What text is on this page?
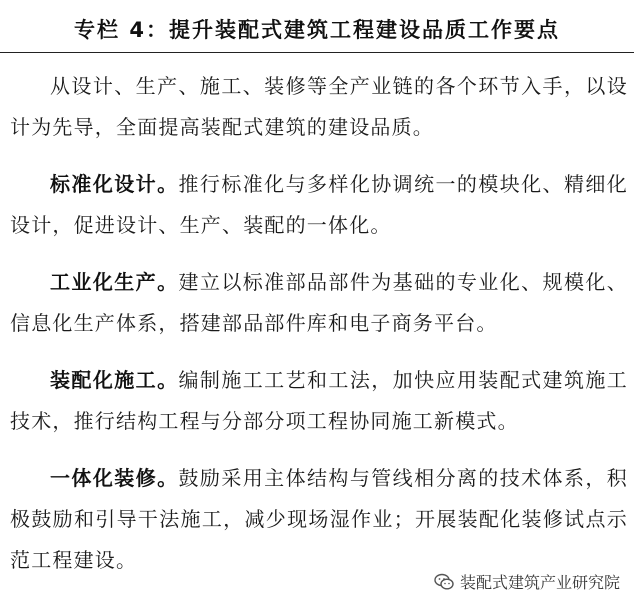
专栏 4：提升装配式建筑工程建设品质工作要点

从设计、生产、施工、装修等全产业链的各个环节入手，以设计为先导，全面提高装配式建筑的建设品质。

标准化设计。推行标准化与多样化协调统一的模块化、精细化设计，促进设计、生产、装配的一体化。

工业化生产。建立以标准部品部件为基础的专业化、规模化、信息化生产体系，搭建部品部件库和电子商务平台。

装配化施工。编制施工工艺和工法，加快应用装配式建筑施工技术，推行结构工程与分部分项工程协同施工新模式。

一体化装修。鼓励采用主体结构与管线相分离的技术体系，积极鼓励和引导干法施工，减少现场湿作业；开展装配化装修试点示范工程建设。

装配式建筑产业研究院
